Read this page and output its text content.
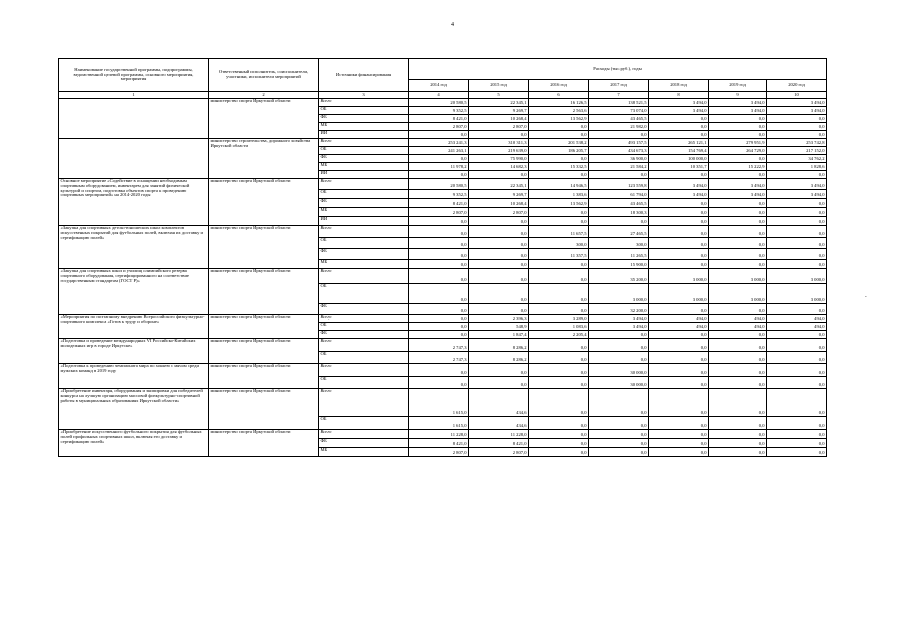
4
Наименование государственной программы, подпрограммы, ведомственной целевой программы, основного мероприятия, мероприятия	Ответственный исполнитель, соисполнители, участники, исполнители мероприятий	Источники финансирования	Расходы (тыс.руб.), годы						
			2014 год	2015 год	2016 год	2017 год	2018 год	2019 год	2020 год
1	2	3	4	5	6	7	8	9	10
	министерство спорта Иркутской области	Всего	20 580,5	22 345,1	16 126,5	138 521,5	3 494,0	3 494,0	3 494,0
		ОБ	9 352,5	9 269,7	2 563,6	73 074,0	3 494,0	3 494,0	3 494,0
		ФБ	8 421,0	10 268,4	13 562,9	43 465,5	0,0	0,0	0,0
		МБ	2 807,0	2 807,0	0,0	21 982,0	0,0	0,0	0,0
		ИИ	0,0	0,0	0,0	0,0	0,0	0,0	0,0
	министерство строительства, дорожного хозяйства Иркутской области	Всего	253 241,3	310 311,3	201 538,2	493 157,5	265 121,1	279 951,9	253 742,8
		ОБ	241 263,1	219 639,0	186 205,7	434 673,3	154 769,4	264 729,0	217 152,0
		ФБ	0,0	75 990,0	0,0	36 900,0	100 000,0	0,0	34 762,2
		МБ	11 978,2	14 682,3	15 332,5	21 584,2	10 351,7	15 222,9	1 828,6
		ИИ	0,0	0,0	0,0	0,0	0,0	0,0	0,0
Основное мероприятие «Содействие в оснащении необходимым спортивным оборудованием, инвентарем для занятий физической культурой и спортом, подготовка объектов спорта к проведению спортивных мероприятий» на 2014-2020 годы	министерство спорта Иркутской области	Всего	20 580,5	22 345,1	14 946,5	123 559,8	3 494,0	3 494,0	3 494,0
		ОБ	9 352,5	9 269,7	1 383,6	61 794,0	3 494,0	3 494,0	3 494,0
		ФБ	8 421,0	10 268,4	13 562,9	43 465,5	0,0	0,0	0,0
		МБ	2 807,0	2 807,0	0,0	18 300,3	0,0	0,0	0,0
		ИИ	0,0	0,0	0,0	0,0	0,0	0,0	0,0
«Закупка для спортивных детско-юношеских школ комплектов искусственных покрытий для футбольных полей, включая их доставку и сертификацию полей»	министерство спорта Иркутской области	Всего	0,0	0,0	11 657,5	27 465,5	0,0	0,0	0,0
		ОБ	0,0	0,0	300,0	300,0	0,0	0,0	0,0
		ФБ	0,0	0,0	11 357,5	11 265,5	0,0	0,0	0,0
		МБ	0,0	0,0	0,0	15 900,0	0,0	0,0	0,0
«Закупка для спортивных школ и училищ олимпийского резерва спортивного оборудования, сертифицированного на соответствие государственным стандартам (ГОСТ Р)»	министерство спорта Иркутской области	Всего	0,0	0,0	0,0	35 200,0	3 000,0	3 000,0	3 000,0
		ОБ	0,0	0,0	0,0	3 000,0	3 000,0	3 000,0	3 000,0
		ФБ	0,0	0,0	0,0	32 200,0	0,0	0,0	0,0
«Мероприятия по поэтапному внедрению Всероссийского физкультурно-спортивного комплекса «Готов к труду и обороне»	министерство спорта Иркутской области	Всего	0,0	2 396,3	3 289,0	3 494,0	494,0	494,0	494,0
		ОБ	0,0	548,9	1 083,6	3 494,0	494,0	494,0	494,0
		ФБ	0,0	1 847,4	2 205,4	0,0	0,0	0,0	0,0
«Подготовка и проведение международных VI Российско-Китайских молодежных игр в городе Иркутске»	министерство спорта Иркутской области	Всего	2 747,3	8 286,2	0,0	0,0	0,0	0,0	0,0
		ОБ	2 747,3	8 286,2	0,0	0,0	0,0	0,0	0,0
«Подготовка к проведению чемпионата мира по хоккею с мячом среди мужских команд в 2019 году	министерство спорта Иркутской области	Всего	0,0	0,0	0,0	30 000,0	0,0	0,0	0,0
		ОБ	0,0	0,0	0,0	30 000,0	0,0	0,0	0,0
«Приобретение инвентаря, оборудования и экипировки для победителей конкурса на лучшую организацию массовой физкультурно-спортивной работы в муниципальных образованиях Иркутской области»	министерство спорта Иркутской области	Всего	1 615,0	434,6	0,0	0,0	0,0	0,0	0,0
		ОБ	1 615,0	434,6	0,0	0,0	0,0	0,0	0,0
«Приобретение искусственного футбольного покрытия для футбольных полей профильных спортивных школ, включая его доставку и сертификацию полей»	министерство спорта Иркутской области	Всего	11 228,0	11 228,0	0,0	0,0	0,0	0,0	0,0
		ФБ	8 421,0	8 421,0	0,0	0,0	0,0	0,0	0,0
		МБ	2 807,0	2 807,0	0,0	0,0	0,0	0,0	0,0
·
-
·
